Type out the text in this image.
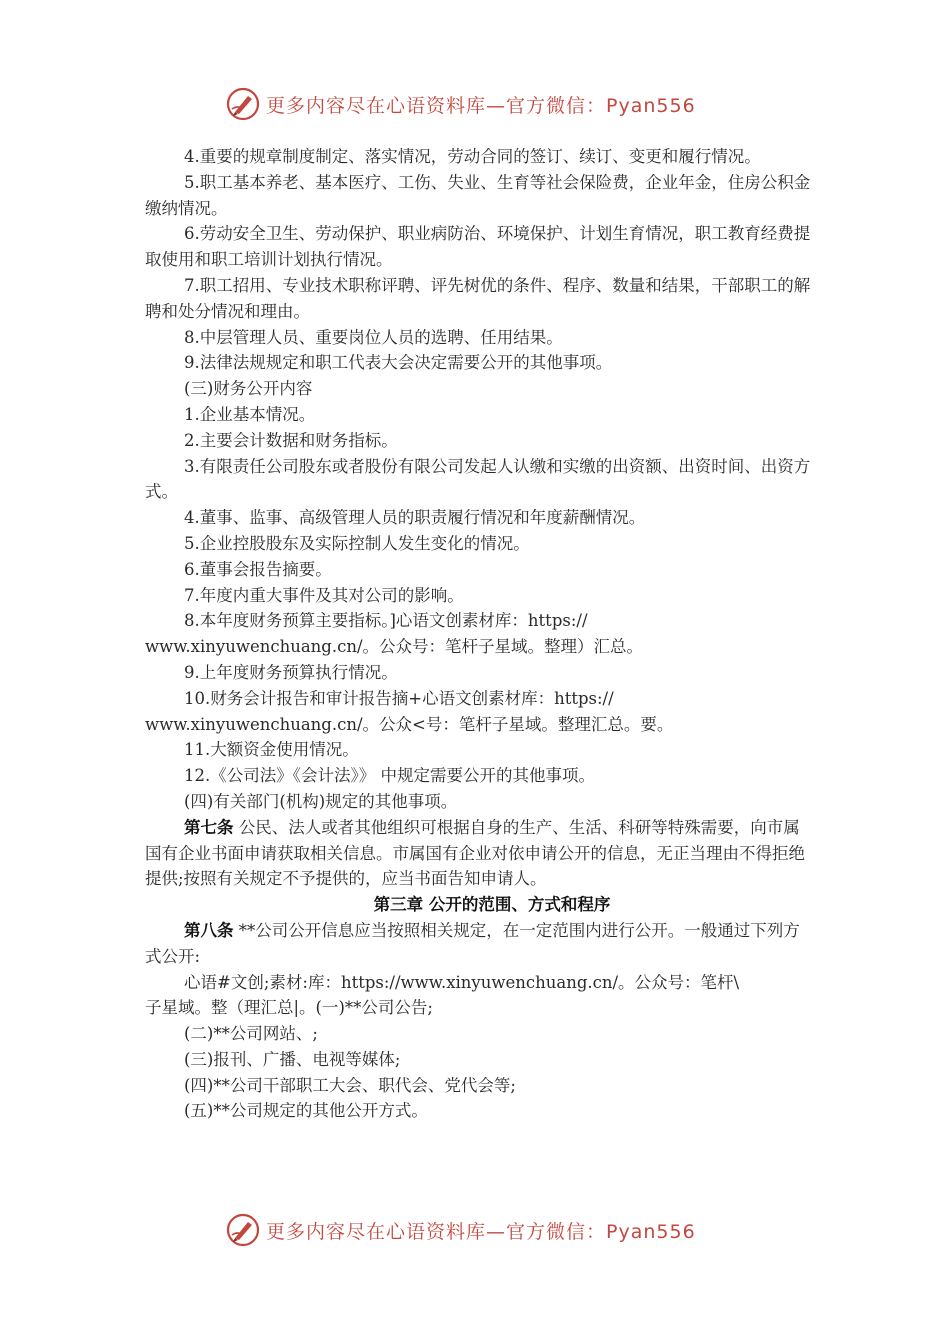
更多内容尽在心语资料库—官方微信：Pyan556

4.重要的规章制度制定、落实情况，劳动合同的签订、续订、变更和履行情况。

5.职工基本养老、基本医疗、工伤、失业、生育等社会保险费，企业年金，住房公积金缴纳情况。

6.劳动安全卫生、劳动保护、职业病防治、环境保护、计划生育情况，职工教育经费提取使用和职工培训计划执行情况。

7.职工招用、专业技术职称评聘、评先树优的条件、程序、数量和结果，干部职工的解聘和处分情况和理由。

8.中层管理人员、重要岗位人员的选聘、任用结果。

9.法律法规规定和职工代表大会决定需要公开的其他事项。

(三)财务公开内容

1.企业基本情况。

2.主要会计数据和财务指标。

3.有限责任公司股东或者股份有限公司发起人认缴和实缴的出资额、出资时间、出资方式。

4.董事、监事、高级管理人员的职责履行情况和年度薪酬情况。

5.企业控股股东及实际控制人发生变化的情况。

6.董事会报告摘要。

7.年度内重大事件及其对公司的影响。

8.本年度财务预算主要指标。]心语文创素材库：https://

www.xinyuwenchuang.cn/。公众号：笔杆子星域。整理）汇总。

9.上年度财务预算执行情况。

10.财务会计报告和审计报告摘+心语文创素材库：https://

www.xinyuwenchuang.cn/。公众<号：笔杆子星域。整理汇总。要。

11.大额资金使用情况。

12.《公司法》《会计法》》 中规定需要公开的其他事项。

(四)有关部门(机构)规定的其他事项。

第七条 公民、法人或者其他组织可根据自身的生产、生活、科研等特殊需要，向市属国有企业书面申请获取相关信息。市属国有企业对依申请公开的信息，无正当理由不得拒绝提供;按照有关规定不予提供的，应当书面告知申请人。

第三章 公开的范围、方式和程序

第八条 **公司公开信息应当按照相关规定，在一定范围内进行公开。一般通过下列方式公开:

心语#文创;素材:库：https://www.xinyuwenchuang.cn/。公众号：笔杆\

子星域。整（理汇总|。(一)**公司公告;

(二)**公司网站、;

(三)报刊、广播、电视等媒体;

(四)**公司干部职工大会、职代会、党代会等;

(五)**公司规定的其他公开方式。

更多内容尽在心语资料库—官方微信：Pyan556
